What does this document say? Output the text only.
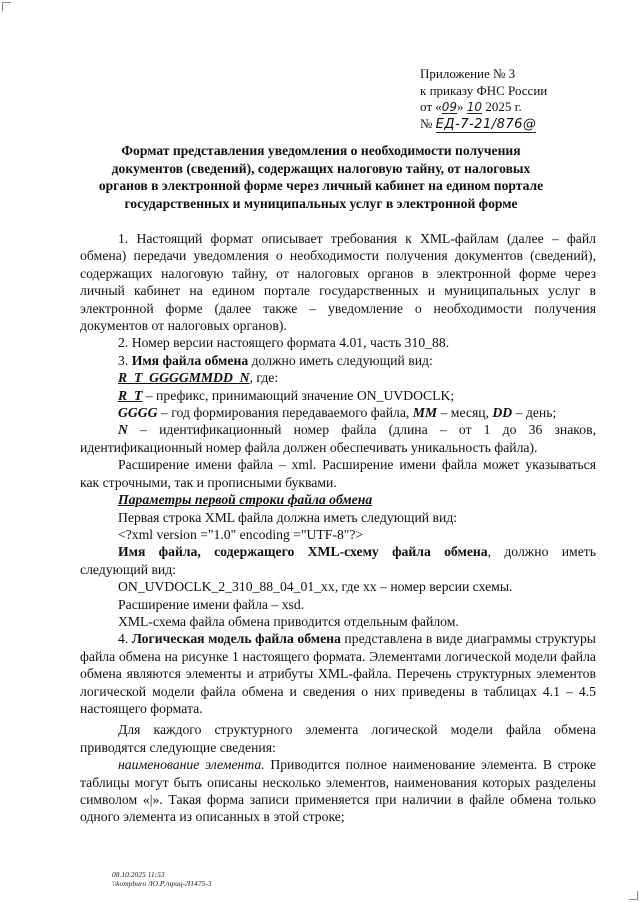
Приложение № 3
к приказу ФНС России
от «09» 10 2025 г.
№ ЕД-7-21/876@
Формат представления уведомления о необходимости получения документов (сведений), содержащих налоговую тайну, от налоговых органов в электронной форме через личный кабинет на едином портале государственных и муниципальных услуг в электронной форме

1. Настоящий формат описывает требования к XML-файлам (далее – файл обмена) передачи уведомления о необходимости получения документов (сведений), содержащих налоговую тайну, от налоговых органов в электронной форме через личный кабинет на едином портале государственных и муниципальных услуг в электронной форме (далее также – уведомление о необходимости получения документов от налоговых органов).

2. Номер версии настоящего формата 4.01, часть 310_88.

3. Имя файла обмена должно иметь следующий вид:

R_T_GGGGMMDD_N, где:

R_T – префикс, принимающий значение ON_UVDOCLK;

GGGG – год формирования передаваемого файла, MM – месяц, DD – день;

N – идентификационный номер файла (длина – от 1 до 36 знаков, идентификационный номер файла должен обеспечивать уникальность файла).

Расширение имени файла – xml. Расширение имени файла может указываться как строчными, так и прописными буквами.

Параметры первой строки файла обмена

Первая строка XML файла должна иметь следующий вид:

<?xml version ="1.0" encoding ="UTF-8"?>

Имя файла, содержащего XML-схему файла обмена, должно иметь следующий вид:

ON_UVDOCLK_2_310_88_04_01_xx, где xx – номер версии схемы.

Расширение имени файла – xsd.

XML-схема файла обмена приводится отдельным файлом.

4. Логическая модель файла обмена представлена в виде диаграммы структуры файла обмена на рисунке 1 настоящего формата. Элементами логической модели файла обмена являются элементы и атрибуты XML-файла. Перечень структурных элементов логической модели файла обмена и сведения о них приведены в таблицах 4.1 – 4.5 настоящего формата.

Для каждого структурного элемента логической модели файла обмена приводятся следующие сведения:

наименование элемента. Приводится полное наименование элемента. В строке таблицы могут быть описаны несколько элементов, наименования которых разделены символом «|». Такая форма записи применяется при наличии в файле обмена только одного элемента из описанных в этой строке;

08.10.2025 11:53
\\kompburo /Ю.Р./приц-Л1475-3
